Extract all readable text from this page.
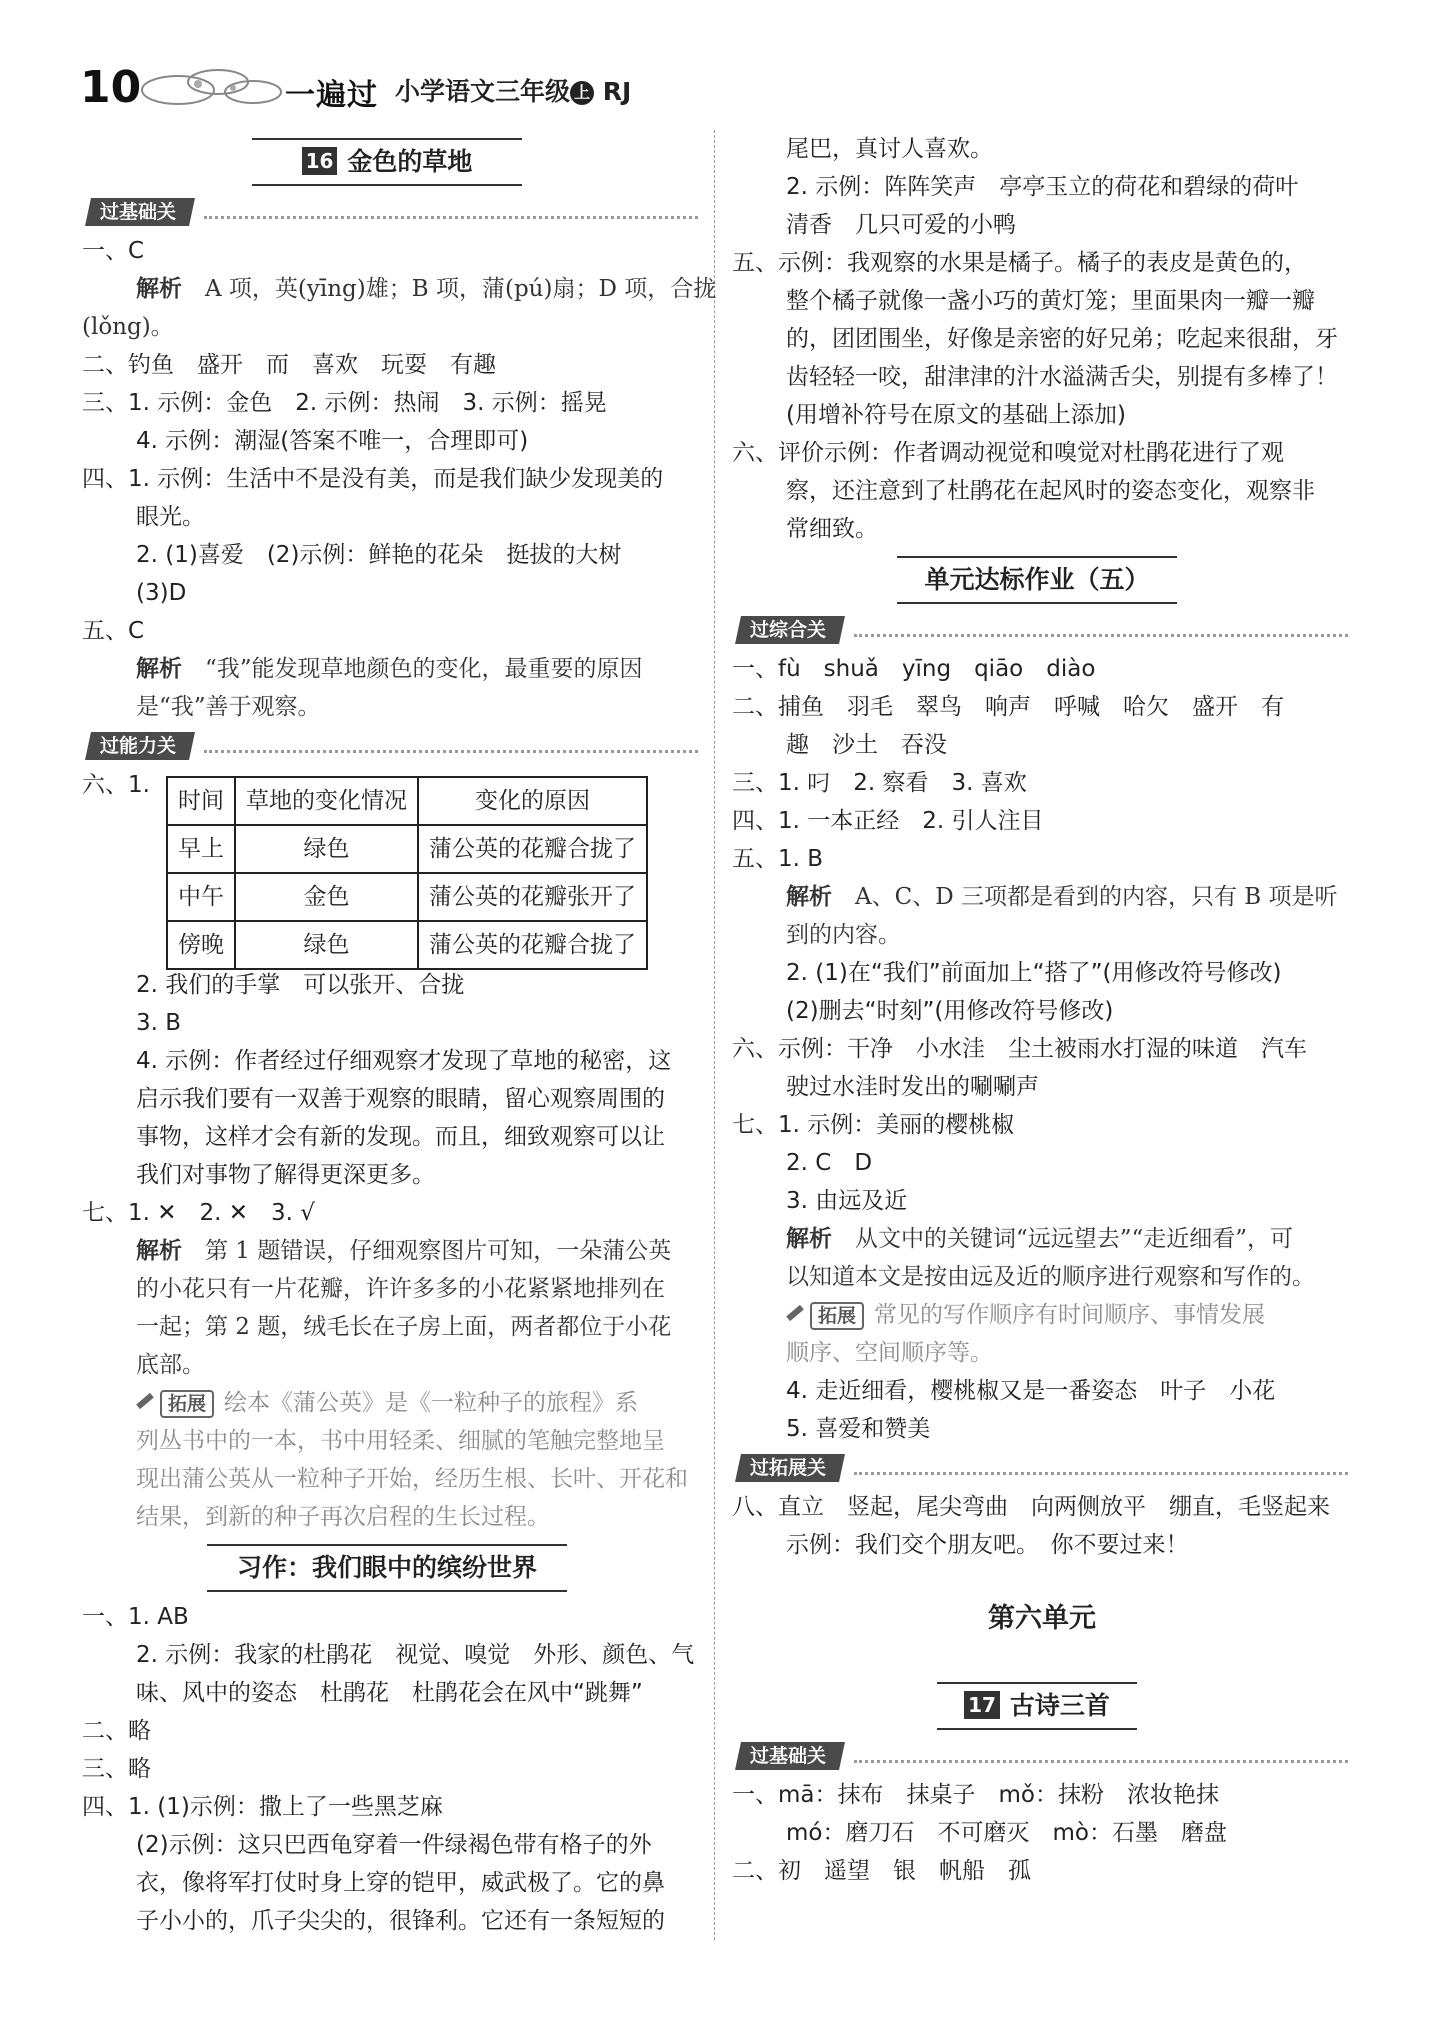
10	一遍过 小学语文三年级 上 RJ
16 金色的草地
过基础关
一、C
解析　 A 项，英(yīng)雄；B 项，蒲(pú)扇；D 项，合拢
(lǒng)。
二、钓鱼　盛开　而　喜欢　玩耍　有趣
三、1. 示例：金色　2. 示例：热闹　3. 示例：摇晃
4. 示例：潮湿(答案不唯一，合理即可)
四、1. 示例：生活中不是没有美，而是我们缺少发现美的
眼光。
2. (1)喜爱　(2)示例：鲜艳的花朵　挺拔的大树
(3)D
五、C
解析　 “我”能发现草地颜色的变化，最重要的原因
是“我”善于观察。
过能力关
六、1.
时间	草地的变化情况	变化的原因
早上	绿色	蒲公英的花瓣合拢了
中午	金色	蒲公英的花瓣张开了
傍晚	绿色	蒲公英的花瓣合拢了
2. 我们的手掌　可以张开、合拢
3. B
4. 示例：作者经过仔细观察才发现了草地的秘密，这
启示我们要有一双善于观察的眼睛，留心观察周围的
事物，这样才会有新的发现。而且，细致观察可以让
我们对事物了解得更深更多。
七、1. ✕　2. ✕　3. √
解析　 第 1 题错误，仔细观察图片可知，一朵蒲公英
的小花只有一片花瓣，许许多多的小花紧紧地排列在
一起；第 2 题，绒毛长在子房上面，两者都位于小花
底部。
拓展 绘本《蒲公英》是《一粒种子的旅程》系
列丛书中的一本，书中用轻柔、细腻的笔触完整地呈
现出蒲公英从一粒种子开始，经历生根、长叶、开花和
结果，到新的种子再次启程的生长过程。
习作：我们眼中的缤纷世界
一、1. AB
2. 示例：我家的杜鹃花　视觉、嗅觉　外形、颜色、气
味、风中的姿态　杜鹃花　杜鹃花会在风中“跳舞”
二、略
三、略
四、1. (1)示例：撒上了一些黑芝麻
(2)示例：这只巴西龟穿着一件绿褐色带有格子的外
衣，像将军打仗时身上穿的铠甲，威武极了。它的鼻
子小小的，爪子尖尖的，很锋利。它还有一条短短的
尾巴，真讨人喜欢。
2. 示例：阵阵笑声　亭亭玉立的荷花和碧绿的荷叶
清香　几只可爱的小鸭
五、示例：我观察的水果是橘子。橘子的表皮是黄色的，
整个橘子就像一盏小巧的黄灯笼；里面果肉一瓣一瓣
的，团团围坐，好像是亲密的好兄弟；吃起来很甜，牙
齿轻轻一咬，甜津津的汁水溢满舌尖，别提有多棒了！
(用增补符号在原文的基础上添加)
六、评价示例：作者调动视觉和嗅觉对杜鹃花进行了观
察，还注意到了杜鹃花在起风时的姿态变化，观察非
常细致。
单元达标作业（五）
过综合关
一、fù　shuǎ　yīng　qiāo　diào
二、捕鱼　羽毛　翠鸟　响声　呼喊　哈欠　盛开　有
趣　沙土　吞没
三、1. 叼　2. 察看　3. 喜欢
四、1. 一本正经　2. 引人注目
五、1. B
解析　 A、C、D 三项都是看到的内容，只有 B 项是听
到的内容。
2. (1)在“我们”前面加上“搭了”(用修改符号修改)
(2)删去“时刻”(用修改符号修改)
六、示例：干净　小水洼　尘土被雨水打湿的味道　汽车
驶过水洼时发出的唰唰声
七、1. 示例：美丽的樱桃椒
2. C　D
3. 由远及近
解析　 从文中的关键词“远远望去”“走近细看”，可
以知道本文是按由远及近的顺序进行观察和写作的。
拓展 常见的写作顺序有时间顺序、事情发展
顺序、空间顺序等。
4. 走近细看，樱桃椒又是一番姿态　叶子　小花
5. 喜爱和赞美
过拓展关
八、直立　竖起，尾尖弯曲　向两侧放平　绷直，毛竖起来
示例：我们交个朋友吧。　你不要过来！
第六单元
17 古诗三首
过基础关
一、mā：抹布　抹桌子　mǒ：抹粉　浓妆艳抹
mó：磨刀石　不可磨灭　mò：石墨　磨盘
二、初　遥望　银　帆船　孤
